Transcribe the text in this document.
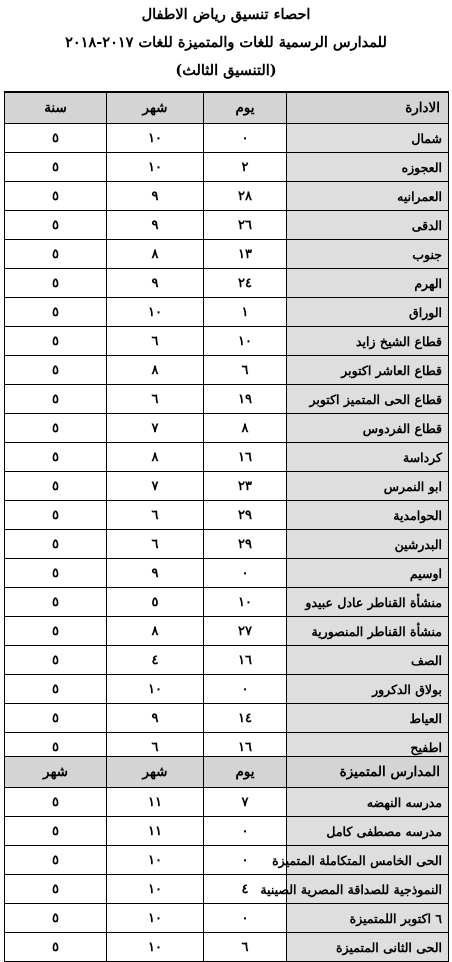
احصاء تنسيق رياض الاطفال
للمدارس الرسمية للغات والمتميزة للغات ٢٠١٧-٢٠١٨
(التنسيق الثالث)
الادارة	يوم	شهر	سنة
شمال	٠	١٠	٥
العجوزه	٢	١٠	٥
العمرانيه	٢٨	٩	٥
الدقى	٢٦	٩	٥
جنوب	١٣	٨	٥
الهرم	٢٤	٩	٥
الوراق	١	١٠	٥
قطاع الشيخ زايد	١٠	٦	٥
قطاع العاشر اكتوبر	٦	٨	٥
قطاع الحى المتميز اكتوبر	١٩	٦	٥
قطاع الفردوس	٨	٧	٥
كرداسة	١٦	٨	٥
ابو النمرس	٢٣	٧	٥
الحوامدية	٢٩	٦	٥
البدرشين	٢٩	٦	٥
اوسيم	٠	٩	٥
منشأة القناطر عادل عبيدو	١٠	٥	٥
منشأة القناطر المنصورية	٢٧	٨	٥
الصف	١٦	٤	٥
بولاق الدكرور	٠	١٠	٥
العياط	١٤	٩	٥
اطفيح	١٦	٦	٥
المدارس المتميزة	يوم	شهر	شهر
مدرسه النهضه	٧	١١	٥
مدرسه مصطفى كامل	٠	١١	٥
الحى الخامس المتكاملة المتميزة	٠	١٠	٥
النموذجية للصداقة المصرية الصينية	٤	١٠	٥
٦ اكتوبر اللمتميزة	٠	١٠	٥
الحى الثانى المتميزة	٦	١٠	٥
